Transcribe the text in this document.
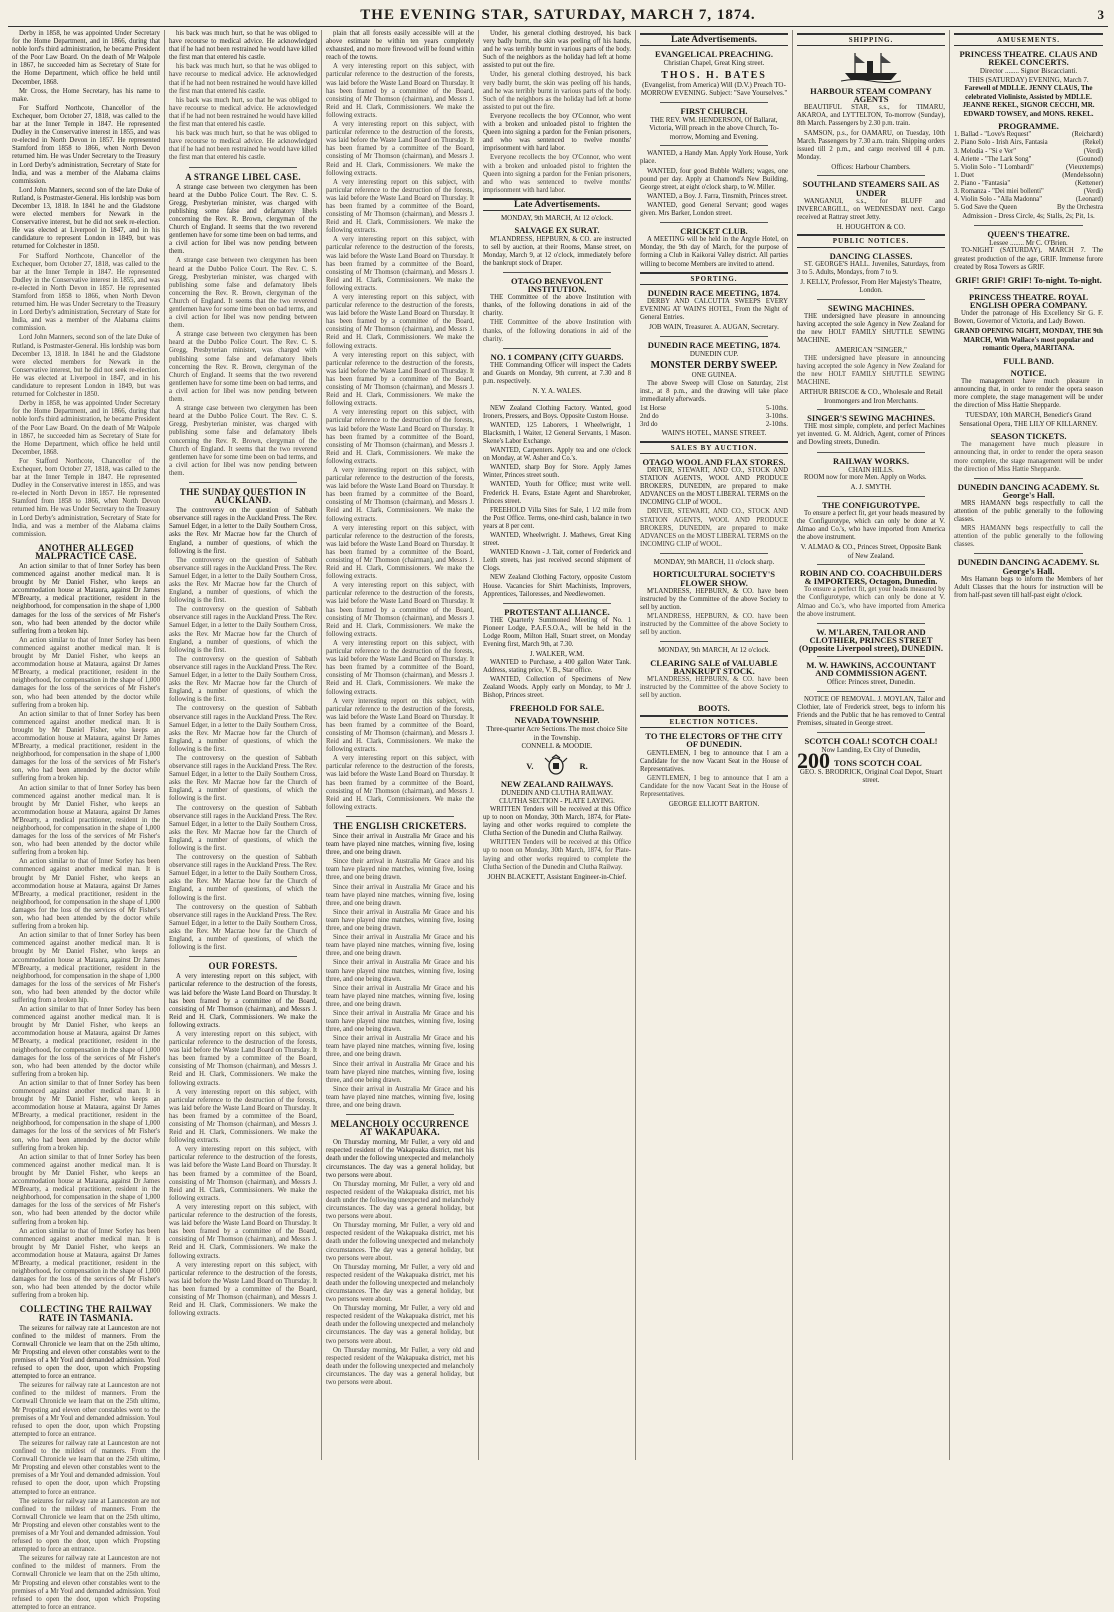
THE EVENING STAR, SATURDAY, MARCH 7, 1874.	3

Derby in 1858, he was appointed Under Secretary for the Home Department, and in 1866, during that noble lord's third administration, he became President of the Poor Law Board. On the death of Mr Walpole in 1867, he succeeded him as Secretary of State for the Home Department, which office he held until December, 1868.

Mr Cross, the Home Secretary, has his name to make.

For Stafford Northcote, Chancellor of the Exchequer, born October 27, 1818, was called to the bar at the Inner Temple in 1847. He represented Dudley in the Conservative interest in 1855, and was re-elected in North Devon in 1857. He represented Stamford from 1858 to 1866, when North Devon returned him. He was Under Secretary to the Treasury in Lord Derby's administration, Secretary of State for India, and was a member of the Alabama claims commission.

Lord John Manners, second son of the late Duke of Rutland, is Postmaster-General. His lordship was born December 13, 1818. In 1841 he and the Gladstone were elected members for Newark in the Conservative interest, but he did not seek re-election. He was elected at Liverpool in 1847, and in his candidature to represent London in 1849, but was returned for Colchester in 1850.

For Stafford Northcote, Chancellor of the Exchequer, born October 27, 1818, was called to the bar at the Inner Temple in 1847. He represented Dudley in the Conservative interest in 1855, and was re-elected in North Devon in 1857. He represented Stamford from 1858 to 1866, when North Devon returned him. He was Under Secretary to the Treasury in Lord Derby's administration, Secretary of State for India, and was a member of the Alabama claims commission.

Lord John Manners, second son of the late Duke of Rutland, is Postmaster-General. His lordship was born December 13, 1818. In 1841 he and the Gladstone were elected members for Newark in the Conservative interest, but he did not seek re-election. He was elected at Liverpool in 1847, and in his candidature to represent London in 1849, but was returned for Colchester in 1850.

Derby in 1858, he was appointed Under Secretary for the Home Department, and in 1866, during that noble lord's third administration, he became President of the Poor Law Board. On the death of Mr Walpole in 1867, he succeeded him as Secretary of State for the Home Department, which office he held until December, 1868.

For Stafford Northcote, Chancellor of the Exchequer, born October 27, 1818, was called to the bar at the Inner Temple in 1847. He represented Dudley in the Conservative interest in 1855, and was re-elected in North Devon in 1857. He represented Stamford from 1858 to 1866, when North Devon returned him. He was Under Secretary to the Treasury in Lord Derby's administration, Secretary of State for India, and was a member of the Alabama claims commission.

ANOTHER ALLEGED MALPRACTICE CASE.

An action similar to that of Inner Sorley has been commenced against another medical man. It is brought by Mr Daniel Fisher, who keeps an accommodation house at Mataura, against Dr James M'Brearty, a medical practitioner, resident in the neighborhood, for compensation in the shape of 1,000 damages for the loss of the services of Mr Fisher's son, who had been attended by the doctor while suffering from a broken hip.

An action similar to that of Inner Sorley has been commenced against another medical man. It is brought by Mr Daniel Fisher, who keeps an accommodation house at Mataura, against Dr James M'Brearty, a medical practitioner, resident in the neighborhood, for compensation in the shape of 1,000 damages for the loss of the services of Mr Fisher's son, who had been attended by the doctor while suffering from a broken hip.

An action similar to that of Inner Sorley has been commenced against another medical man. It is brought by Mr Daniel Fisher, who keeps an accommodation house at Mataura, against Dr James M'Brearty, a medical practitioner, resident in the neighborhood, for compensation in the shape of 1,000 damages for the loss of the services of Mr Fisher's son, who had been attended by the doctor while suffering from a broken hip.

An action similar to that of Inner Sorley has been commenced against another medical man. It is brought by Mr Daniel Fisher, who keeps an accommodation house at Mataura, against Dr James M'Brearty, a medical practitioner, resident in the neighborhood, for compensation in the shape of 1,000 damages for the loss of the services of Mr Fisher's son, who had been attended by the doctor while suffering from a broken hip.

An action similar to that of Inner Sorley has been commenced against another medical man. It is brought by Mr Daniel Fisher, who keeps an accommodation house at Mataura, against Dr James M'Brearty, a medical practitioner, resident in the neighborhood, for compensation in the shape of 1,000 damages for the loss of the services of Mr Fisher's son, who had been attended by the doctor while suffering from a broken hip.

An action similar to that of Inner Sorley has been commenced against another medical man. It is brought by Mr Daniel Fisher, who keeps an accommodation house at Mataura, against Dr James M'Brearty, a medical practitioner, resident in the neighborhood, for compensation in the shape of 1,000 damages for the loss of the services of Mr Fisher's son, who had been attended by the doctor while suffering from a broken hip.

An action similar to that of Inner Sorley has been commenced against another medical man. It is brought by Mr Daniel Fisher, who keeps an accommodation house at Mataura, against Dr James M'Brearty, a medical practitioner, resident in the neighborhood, for compensation in the shape of 1,000 damages for the loss of the services of Mr Fisher's son, who had been attended by the doctor while suffering from a broken hip.

An action similar to that of Inner Sorley has been commenced against another medical man. It is brought by Mr Daniel Fisher, who keeps an accommodation house at Mataura, against Dr James M'Brearty, a medical practitioner, resident in the neighborhood, for compensation in the shape of 1,000 damages for the loss of the services of Mr Fisher's son, who had been attended by the doctor while suffering from a broken hip.

An action similar to that of Inner Sorley has been commenced against another medical man. It is brought by Mr Daniel Fisher, who keeps an accommodation house at Mataura, against Dr James M'Brearty, a medical practitioner, resident in the neighborhood, for compensation in the shape of 1,000 damages for the loss of the services of Mr Fisher's son, who had been attended by the doctor while suffering from a broken hip.

An action similar to that of Inner Sorley has been commenced against another medical man. It is brought by Mr Daniel Fisher, who keeps an accommodation house at Mataura, against Dr James M'Brearty, a medical practitioner, resident in the neighborhood, for compensation in the shape of 1,000 damages for the loss of the services of Mr Fisher's son, who had been attended by the doctor while suffering from a broken hip.

COLLECTING THE RAILWAY RATE IN TASMANIA.

The seizures for railway rate at Launceston are not confined to the mildest of manners. From the Cornwall Chronicle we learn that on the 25th ultimo, Mr Propsting and eleven other constables went to the premises of a Mr Youl and demanded admission. Youl refused to open the door, upon which Propsting attempted to force an entrance.

The seizures for railway rate at Launceston are not confined to the mildest of manners. From the Cornwall Chronicle we learn that on the 25th ultimo, Mr Propsting and eleven other constables went to the premises of a Mr Youl and demanded admission. Youl refused to open the door, upon which Propsting attempted to force an entrance.

The seizures for railway rate at Launceston are not confined to the mildest of manners. From the Cornwall Chronicle we learn that on the 25th ultimo, Mr Propsting and eleven other constables went to the premises of a Mr Youl and demanded admission. Youl refused to open the door, upon which Propsting attempted to force an entrance.

The seizures for railway rate at Launceston are not confined to the mildest of manners. From the Cornwall Chronicle we learn that on the 25th ultimo, Mr Propsting and eleven other constables went to the premises of a Mr Youl and demanded admission. Youl refused to open the door, upon which Propsting attempted to force an entrance.

The seizures for railway rate at Launceston are not confined to the mildest of manners. From the Cornwall Chronicle we learn that on the 25th ultimo, Mr Propsting and eleven other constables went to the premises of a Mr Youl and demanded admission. Youl refused to open the door, upon which Propsting attempted to force an entrance.

his back was much hurt, so that he was obliged to have recourse to medical advice. He acknowledged that if he had not been restrained he would have killed the first man that entered his castle.

his back was much hurt, so that he was obliged to have recourse to medical advice. He acknowledged that if he had not been restrained he would have killed the first man that entered his castle.

his back was much hurt, so that he was obliged to have recourse to medical advice. He acknowledged that if he had not been restrained he would have killed the first man that entered his castle.

his back was much hurt, so that he was obliged to have recourse to medical advice. He acknowledged that if he had not been restrained he would have killed the first man that entered his castle.

A STRANGE LIBEL CASE.

A strange case between two clergymen has been heard at the Dubbo Police Court. The Rev. C. S. Gregg, Presbyterian minister, was charged with publishing some false and defamatory libels concerning the Rev. R. Brown, clergyman of the Church of England. It seems that the two reverend gentlemen have for some time been on bad terms, and a civil action for libel was now pending between them.

A strange case between two clergymen has been heard at the Dubbo Police Court. The Rev. C. S. Gregg, Presbyterian minister, was charged with publishing some false and defamatory libels concerning the Rev. R. Brown, clergyman of the Church of England. It seems that the two reverend gentlemen have for some time been on bad terms, and a civil action for libel was now pending between them.

A strange case between two clergymen has been heard at the Dubbo Police Court. The Rev. C. S. Gregg, Presbyterian minister, was charged with publishing some false and defamatory libels concerning the Rev. R. Brown, clergyman of the Church of England. It seems that the two reverend gentlemen have for some time been on bad terms, and a civil action for libel was now pending between them.

A strange case between two clergymen has been heard at the Dubbo Police Court. The Rev. C. S. Gregg, Presbyterian minister, was charged with publishing some false and defamatory libels concerning the Rev. R. Brown, clergyman of the Church of England. It seems that the two reverend gentlemen have for some time been on bad terms, and a civil action for libel was now pending between them.

THE SUNDAY QUESTION IN AUCKLAND.

The controversy on the question of Sabbath observance still rages in the Auckland Press. The Rev. Samuel Edger, in a letter to the Daily Southern Cross, asks the Rev. Mr Macrae how far the Church of England, a number of questions, of which the following is the first.

The controversy on the question of Sabbath observance still rages in the Auckland Press. The Rev. Samuel Edger, in a letter to the Daily Southern Cross, asks the Rev. Mr Macrae how far the Church of England, a number of questions, of which the following is the first.

The controversy on the question of Sabbath observance still rages in the Auckland Press. The Rev. Samuel Edger, in a letter to the Daily Southern Cross, asks the Rev. Mr Macrae how far the Church of England, a number of questions, of which the following is the first.

The controversy on the question of Sabbath observance still rages in the Auckland Press. The Rev. Samuel Edger, in a letter to the Daily Southern Cross, asks the Rev. Mr Macrae how far the Church of England, a number of questions, of which the following is the first.

The controversy on the question of Sabbath observance still rages in the Auckland Press. The Rev. Samuel Edger, in a letter to the Daily Southern Cross, asks the Rev. Mr Macrae how far the Church of England, a number of questions, of which the following is the first.

The controversy on the question of Sabbath observance still rages in the Auckland Press. The Rev. Samuel Edger, in a letter to the Daily Southern Cross, asks the Rev. Mr Macrae how far the Church of England, a number of questions, of which the following is the first.

The controversy on the question of Sabbath observance still rages in the Auckland Press. The Rev. Samuel Edger, in a letter to the Daily Southern Cross, asks the Rev. Mr Macrae how far the Church of England, a number of questions, of which the following is the first.

The controversy on the question of Sabbath observance still rages in the Auckland Press. The Rev. Samuel Edger, in a letter to the Daily Southern Cross, asks the Rev. Mr Macrae how far the Church of England, a number of questions, of which the following is the first.

The controversy on the question of Sabbath observance still rages in the Auckland Press. The Rev. Samuel Edger, in a letter to the Daily Southern Cross, asks the Rev. Mr Macrae how far the Church of England, a number of questions, of which the following is the first.

OUR FORESTS.

A very interesting report on this subject, with particular reference to the destruction of the forests, was laid before the Waste Land Board on Thursday. It has been framed by a committee of the Board, consisting of Mr Thomson (chairman), and Messrs J. Reid and H. Clark, Commissioners. We make the following extracts.

A very interesting report on this subject, with particular reference to the destruction of the forests, was laid before the Waste Land Board on Thursday. It has been framed by a committee of the Board, consisting of Mr Thomson (chairman), and Messrs J. Reid and H. Clark, Commissioners. We make the following extracts.

A very interesting report on this subject, with particular reference to the destruction of the forests, was laid before the Waste Land Board on Thursday. It has been framed by a committee of the Board, consisting of Mr Thomson (chairman), and Messrs J. Reid and H. Clark, Commissioners. We make the following extracts.

A very interesting report on this subject, with particular reference to the destruction of the forests, was laid before the Waste Land Board on Thursday. It has been framed by a committee of the Board, consisting of Mr Thomson (chairman), and Messrs J. Reid and H. Clark, Commissioners. We make the following extracts.

A very interesting report on this subject, with particular reference to the destruction of the forests, was laid before the Waste Land Board on Thursday. It has been framed by a committee of the Board, consisting of Mr Thomson (chairman), and Messrs J. Reid and H. Clark, Commissioners. We make the following extracts.

A very interesting report on this subject, with particular reference to the destruction of the forests, was laid before the Waste Land Board on Thursday. It has been framed by a committee of the Board, consisting of Mr Thomson (chairman), and Messrs J. Reid and H. Clark, Commissioners. We make the following extracts.

plain that all forests easily accessible will at the above estimate be within ten years completely exhausted, and no more firewood will be found within reach of the towns.

A very interesting report on this subject, with particular reference to the destruction of the forests, was laid before the Waste Land Board on Thursday. It has been framed by a committee of the Board, consisting of Mr Thomson (chairman), and Messrs J. Reid and H. Clark, Commissioners. We make the following extracts.

A very interesting report on this subject, with particular reference to the destruction of the forests, was laid before the Waste Land Board on Thursday. It has been framed by a committee of the Board, consisting of Mr Thomson (chairman), and Messrs J. Reid and H. Clark, Commissioners. We make the following extracts.

A very interesting report on this subject, with particular reference to the destruction of the forests, was laid before the Waste Land Board on Thursday. It has been framed by a committee of the Board, consisting of Mr Thomson (chairman), and Messrs J. Reid and H. Clark, Commissioners. We make the following extracts.

A very interesting report on this subject, with particular reference to the destruction of the forests, was laid before the Waste Land Board on Thursday. It has been framed by a committee of the Board, consisting of Mr Thomson (chairman), and Messrs J. Reid and H. Clark, Commissioners. We make the following extracts.

A very interesting report on this subject, with particular reference to the destruction of the forests, was laid before the Waste Land Board on Thursday. It has been framed by a committee of the Board, consisting of Mr Thomson (chairman), and Messrs J. Reid and H. Clark, Commissioners. We make the following extracts.

A very interesting report on this subject, with particular reference to the destruction of the forests, was laid before the Waste Land Board on Thursday. It has been framed by a committee of the Board, consisting of Mr Thomson (chairman), and Messrs J. Reid and H. Clark, Commissioners. We make the following extracts.

A very interesting report on this subject, with particular reference to the destruction of the forests, was laid before the Waste Land Board on Thursday. It has been framed by a committee of the Board, consisting of Mr Thomson (chairman), and Messrs J. Reid and H. Clark, Commissioners. We make the following extracts.

A very interesting report on this subject, with particular reference to the destruction of the forests, was laid before the Waste Land Board on Thursday. It has been framed by a committee of the Board, consisting of Mr Thomson (chairman), and Messrs J. Reid and H. Clark, Commissioners. We make the following extracts.

A very interesting report on this subject, with particular reference to the destruction of the forests, was laid before the Waste Land Board on Thursday. It has been framed by a committee of the Board, consisting of Mr Thomson (chairman), and Messrs J. Reid and H. Clark, Commissioners. We make the following extracts.

A very interesting report on this subject, with particular reference to the destruction of the forests, was laid before the Waste Land Board on Thursday. It has been framed by a committee of the Board, consisting of Mr Thomson (chairman), and Messrs J. Reid and H. Clark, Commissioners. We make the following extracts.

A very interesting report on this subject, with particular reference to the destruction of the forests, was laid before the Waste Land Board on Thursday. It has been framed by a committee of the Board, consisting of Mr Thomson (chairman), and Messrs J. Reid and H. Clark, Commissioners. We make the following extracts.

A very interesting report on this subject, with particular reference to the destruction of the forests, was laid before the Waste Land Board on Thursday. It has been framed by a committee of the Board, consisting of Mr Thomson (chairman), and Messrs J. Reid and H. Clark, Commissioners. We make the following extracts.

A very interesting report on this subject, with particular reference to the destruction of the forests, was laid before the Waste Land Board on Thursday. It has been framed by a committee of the Board, consisting of Mr Thomson (chairman), and Messrs J. Reid and H. Clark, Commissioners. We make the following extracts.

THE ENGLISH CRICKETERS.

Since their arrival in Australia Mr Grace and his team have played nine matches, winning five, losing three, and one being drawn.

Since their arrival in Australia Mr Grace and his team have played nine matches, winning five, losing three, and one being drawn.

Since their arrival in Australia Mr Grace and his team have played nine matches, winning five, losing three, and one being drawn.

Since their arrival in Australia Mr Grace and his team have played nine matches, winning five, losing three, and one being drawn.

Since their arrival in Australia Mr Grace and his team have played nine matches, winning five, losing three, and one being drawn.

Since their arrival in Australia Mr Grace and his team have played nine matches, winning five, losing three, and one being drawn.

Since their arrival in Australia Mr Grace and his team have played nine matches, winning five, losing three, and one being drawn.

Since their arrival in Australia Mr Grace and his team have played nine matches, winning five, losing three, and one being drawn.

Since their arrival in Australia Mr Grace and his team have played nine matches, winning five, losing three, and one being drawn.

Since their arrival in Australia Mr Grace and his team have played nine matches, winning five, losing three, and one being drawn.

Since their arrival in Australia Mr Grace and his team have played nine matches, winning five, losing three, and one being drawn.

MELANCHOLY OCCURRENCE AT WAKAPUAKA.

On Thursday morning, Mr Fuller, a very old and respected resident of the Wakapuaka district, met his death under the following unexpected and melancholy circumstances. The day was a general holiday, but two persons were about.

On Thursday morning, Mr Fuller, a very old and respected resident of the Wakapuaka district, met his death under the following unexpected and melancholy circumstances. The day was a general holiday, but two persons were about.

On Thursday morning, Mr Fuller, a very old and respected resident of the Wakapuaka district, met his death under the following unexpected and melancholy circumstances. The day was a general holiday, but two persons were about.

On Thursday morning, Mr Fuller, a very old and respected resident of the Wakapuaka district, met his death under the following unexpected and melancholy circumstances. The day was a general holiday, but two persons were about.

On Thursday morning, Mr Fuller, a very old and respected resident of the Wakapuaka district, met his death under the following unexpected and melancholy circumstances. The day was a general holiday, but two persons were about.

On Thursday morning, Mr Fuller, a very old and respected resident of the Wakapuaka district, met his death under the following unexpected and melancholy circumstances. The day was a general holiday, but two persons were about.

Under, his general clothing destroyed, his back very badly burnt, the skin was peeling off his hands, and he was terribly burnt in various parts of the body. Such of the neighbors as the holiday had left at home assisted to put out the fire.

Under, his general clothing destroyed, his back very badly burnt, the skin was peeling off his hands, and he was terribly burnt in various parts of the body. Such of the neighbors as the holiday had left at home assisted to put out the fire.

Everyone recollects the boy O'Connor, who went with a broken and unloaded pistol to frighten the Queen into signing a pardon for the Fenian prisoners, and who was sentenced to twelve months' imprisonment with hard labor.

Everyone recollects the boy O'Connor, who went with a broken and unloaded pistol to frighten the Queen into signing a pardon for the Fenian prisoners, and who was sentenced to twelve months' imprisonment with hard labor.

Late Advertisements.
MONDAY, 9th MARCH, At 12 o'clock.
SALVAGE EX SURAT.

M'LANDRESS, HEPBURN, & CO. are instructed to sell by auction, at their Rooms, Manse street, on Monday, March 9, at 12 o'clock, immediately before the bankrupt stock of Draper.

OTAGO BENEVOLENT INSTITUTION.

THE Committee of the above Institution with thanks, of the following donations in aid of the charity.

THE Committee of the above Institution with thanks, of the following donations in aid of the charity.

NO. 1 COMPANY (CITY GUARDS.

THE Commanding Officer will inspect the Cadets and Guards on Monday, 9th current, at 7.30 and 8 p.m. respectively.

N. Y. A. WALES.

NEW Zealand Clothing Factory. Wanted, good Ironers, Pressers, and Boys. Opposite Custom House.

WANTED, 125 Laborers, 1 Wheelwright, 1 Blacksmith, 1 Waiter, 12 General Servants, 1 Mason. Skene's Labor Exchange.

WANTED, Carpenters. Apply tea and one o'clock on Monday, at W. Asher and Co.'s.

WANTED, sharp Boy for Store. Apply James Winter, Princes street south.

WANTED, Youth for Office; must write well. Frederick H. Evans, Estate Agent and Sharebroker, Princes street.

FREEHOLD Villa Sites for Sale, 1 1/2 mile from the Post Office. Terms, one-third cash, balance in two years at 8 per cent.

WANTED, Wheelwright. J. Mathews, Great King street.

WANTED Known - J. Tait, corner of Frederick and Leith streets, has just received second shipment of Clogs.

NEW Zealand Clothing Factory, opposite Custom House. Vacancies for Shirt Machinists, Improvers, Apprentices, Tailoresses, and Needlewomen.

PROTESTANT ALLIANCE.

THE Quarterly Summoned Meeting of No. 1 Pioneer Lodge, P.A.F.S.O.A., will be held in the Lodge Room, Milton Hall, Stuart street, on Monday Evening first, March 9th, at 7.30.

J. WALKER, W.M.

WANTED to Purchase, a 400 gallon Water Tank. Address, stating price, V. B., Star office.

WANTED, Collection of Specimens of New Zealand Woods. Apply early on Monday, to Mr J. Bishop, Princes street.

FREEHOLD FOR SALE.
NEVADA TOWNSHIP.
Three-quarter Acre Sections. The most choice Site in the Township.
CONNELL & MOODIE.
V.	R.
NEW ZEALAND RAILWAYS.
DUNEDIN AND CLUTHA RAILWAY.
CLUTHA SECTION - PLATE LAYING.

WRITTEN Tenders will be received at this Office up to noon on Monday, 30th March, 1874, for Plate-laying and other works required to complete the Clutha Section of the Dunedin and Clutha Railway.

WRITTEN Tenders will be received at this Office up to noon on Monday, 30th March, 1874, for Plate-laying and other works required to complete the Clutha Section of the Dunedin and Clutha Railway.

JOHN BLACKETT, Assistant Engineer-in-Chief.
Late Advertisements.
EVANGELICAL PREACHING.
Christian Chapel, Great King street.
THOS. H. BATES
(Evangelist, from America) Will (D.V.) Preach TO-MORROW EVENING. Subject: "Save Yourselves."
FIRST CHURCH.
THE REV. WM. HENDERSON, Of Ballarat, Victoria, Will preach in the above Church, To-morrow, Morning and Evening.

WANTED, a Handy Man. Apply York House, York place.

WANTED, four good Bubble Wallers; wages, one pound per day. Apply at Chamond's New Building, George street, at eight o'clock sharp, to W. Miller.

WANTED, a Boy. J. Farra, Tinsmith, Princes street.

WANTED, good General Servant; good wages given. Mrs Barker, London street.

CRICKET CLUB.

A MEETING will be held in the Argyle Hotel, on Monday, the 9th day of March, for the purpose of forming a Club in Kaikorai Valley district. All parties willing to become Members are invited to attend.

SPORTING.
DUNEDIN RACE MEETING, 1874.

DERBY AND CALCUTTA SWEEPS EVERY EVENING AT WAIN'S HOTEL, From the Night of General Entries.

JOB WAIN, Treasurer. A. AUGAN, Secretary.
DUNEDIN RACE MEETING, 1874.
DUNEDIN CUP.
MONSTER DERBY SWEEP.
ONE GUINEA.

The above Sweep will Close on Saturday, 21st inst., at 8 p.m., and the drawing will take place immediately afterwards.

1st Horse	5-10ths.
2nd do	3-10ths.
3rd do	2-10ths.
WAIN'S HOTEL, MANSE STREET.
SALES BY AUCTION.
OTAGO WOOL AND FLAX STORES.

DRIVER, STEWART, AND CO., STOCK AND STATION AGENTS, WOOL AND PRODUCE BROKERS, DUNEDIN, are prepared to make ADVANCES on the MOST LIBERAL TERMS on the INCOMING CLIP of WOOL.

DRIVER, STEWART, AND CO., STOCK AND STATION AGENTS, WOOL AND PRODUCE BROKERS, DUNEDIN, are prepared to make ADVANCES on the MOST LIBERAL TERMS on the INCOMING CLIP of WOOL.

MONDAY, 9th MARCH, 11 o'clock sharp.
HORTICULTURAL SOCIETY'S FLOWER SHOW.

M'LANDRESS, HEPBURN, & CO. have been instructed by the Committee of the above Society to sell by auction.

M'LANDRESS, HEPBURN, & CO. have been instructed by the Committee of the above Society to sell by auction.

MONDAY, 9th MARCH, At 12 o'clock.
CLEARING SALE of VALUABLE BANKRUPT STOCK.

M'LANDRESS, HEPBURN, & CO. have been instructed by the Committee of the above Society to sell by auction.

BOOTS.
ELECTION NOTICES.
TO THE ELECTORS OF THE CITY OF DUNEDIN.

GENTLEMEN, I beg to announce that I am a Candidate for the now Vacant Seat in the House of Representatives.

GENTLEMEN, I beg to announce that I am a Candidate for the now Vacant Seat in the House of Representatives.

GEORGE ELLIOTT BARTON.
SHIPPING.
HARBOUR STEAM COMPANY AGENTS

BEAUTIFUL STAR, s.s., for TIMARU, AKAROA, and LYTTELTON, To-morrow (Sunday), 8th March. Passengers by 2.30 p.m. train.

SAMSON, p.s., for OAMARU, on Tuesday, 10th March. Passengers by 7.30 a.m. train. Shipping orders issued till 2 p.m., and cargo received till 4 p.m. Monday.

Offices: Harbour Chambers.
SOUTHLAND STEAMERS SAIL AS UNDER

WANGANUI, s.s., for BLUFF and INVERCARGILL, on WEDNESDAY next. Cargo received at Rattray street Jetty.

H. HOUGHTON & CO.
PUBLIC NOTICES.
DANCING CLASSES.

ST. GEORGE'S HALL. Juveniles, Saturdays, from 3 to 5. Adults, Mondays, from 7 to 9.

J. KELLY, Professor, From Her Majesty's Theatre, London.
SEWING MACHINES.

THE undersigned have pleasure in announcing having accepted the sole Agency in New Zealand for the new HOLT FAMILY SHUTTLE SEWING MACHINE.

AMERICAN "SINGER,"

THE undersigned have pleasure in announcing having accepted the sole Agency in New Zealand for the new HOLT FAMILY SHUTTLE SEWING MACHINE.

ARTHUR BRISCOE & CO., Wholesale and Retail Ironmongers and Iron Merchants.
SINGER'S SEWING MACHINES.

THE most simple, complete, and perfect Machines yet invented. G. M. Aldrich, Agent, corner of Princes and Dowling streets, Dunedin.

RAILWAY WORKS.
CHAIN HILLS.

ROOM now for more Men. Apply on Works.

A. J. SMYTH.
THE CONFIGUROTYPE.

To ensure a perfect fit, get your heads measured by the Configurotype, which can only be done at V. Almao and Co.'s, who have imported from America the above instrument.

V. ALMAO & CO., Princes Street, Opposite Bank of New Zealand.
ROBIN AND CO. COACHBUILDERS & IMPORTERS, Octagon, Dunedin.

To ensure a perfect fit, get your heads measured by the Configurotype, which can only be done at V. Almao and Co.'s, who have imported from America the above instrument.

W. M'LAREN, TAILOR AND CLOTHIER, PRINCES STREET (Opposite Liverpool street), DUNEDIN.
M. W. HAWKINS, ACCOUNTANT AND COMMISSION AGENT.
Office: Princes street, Dunedin.

NOTICE OF REMOVAL. J. MOYLAN, Tailor and Clothier, late of Frederick street, begs to inform his Friends and the Public that he has removed to Central Premises, situated in George street.

SCOTCH COAL! SCOTCH COAL!
Now Landing, Ex City of Dunedin,
200 TONS SCOTCH COAL
GEO. S. BRODRICK, Original Coal Depot, Stuart street.
AMUSEMENTS.
PRINCESS THEATRE. CLAUS AND REKEL CONCERTS.
Director ........ Signor Biscaccianti.
THIS (SATURDAY) EVENING, March 7.
Farewell of MDLLE. JENNY CLAUS, The celebrated Violiniste, Assisted by MDLLE. JEANNE REKEL, SIGNOR CECCHI, MR. EDWARD TOWSEY, and MONS. REKEL.
PROGRAMME.
1. Ballad - "Love's Request"	(Reichardt)
2. Piano Solo - Irish Airs, Fantasia	(Rekel)
3. Melodia - "Si e Ver"	(Verdi)
4. Ariette - "The Lark Song"	(Gounod)
5. Violin Solo - "I Lombardi"	(Vieuxtemps)
1. Duet	(Mendelssohn)
2. Piano - "Fantasia"	(Kettener)
3. Romanza - "Dei miei bollenti"	(Verdi)
4. Violin Solo - "Alla Madonna"	(Leonard)
5. God Save the Queen	By the Orchestra
Admission - Dress Circle, 4s; Stalls, 2s; Pit, 1s.
QUEEN'S THEATRE.
Lessee ........ Mr C. O'Brien.

TO-NIGHT (SATURDAY), MARCH 7. The greatest production of the age, GRIF. Immense furore created by Rosa Towers as GRIF.

GRIF! GRIF! GRIF! To-night. To-night.
PRINCESS THEATRE. ROYAL ENGLISH OPERA COMPANY.

Under the patronage of His Excellency Sir G. F. Bowen, Governor of Victoria, and Lady Bowen.

GRAND OPENING NIGHT, MONDAY, THE 9th MARCH, With Wallace's most popular and romantic Opera, MARITANA.
FULL BAND.
NOTICE.

The management have much pleasure in announcing that, in order to render the opera season more complete, the stage management will be under the direction of Miss Hattie Shepparde.

TUESDAY, 10th MARCH, Benedict's Grand Sensational Opera, THE LILY OF KILLARNEY.
SEASON TICKETS.

The management have much pleasure in announcing that, in order to render the opera season more complete, the stage management will be under the direction of Miss Hattie Shepparde.

DUNEDIN DANCING ACADEMY. St. George's Hall.

MRS HAMANN begs respectfully to call the attention of the public generally to the following classes.

MRS HAMANN begs respectfully to call the attention of the public generally to the following classes.

DUNEDIN DANCING ACADEMY. St. George's Hall.

Mrs Hamann begs to inform the Members of her Adult Classes that the hours for instruction will be from half-past seven till half-past eight o'clock.
